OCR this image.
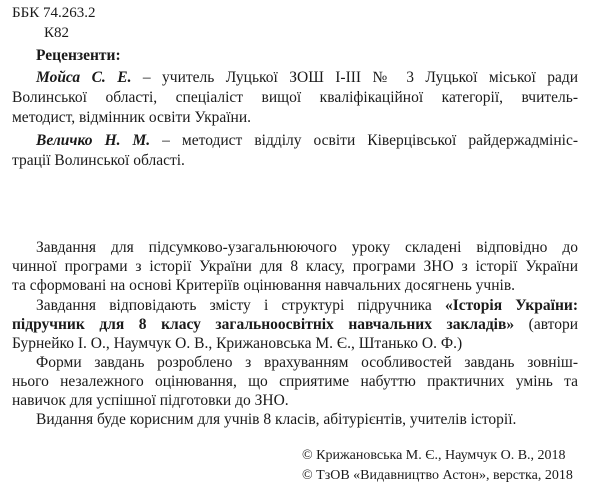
ББК 74.263.2
К82
Рецензенти:
Мойса С. Е. – учитель Луцької ЗОШ І-ІІІ № 3 Луцької міської ради
Волинської області, спеціаліст вищої кваліфікаційної категорії, вчитель-
методист, відмінник освіти України.
Величко Н. М. – методист відділу освіти Ківерцівської райдержадмініс-
трації Волинської області.
Завдання для підсумково-узагальнюючого уроку складені відповідно до
чинної програми з історії України для 8 класу, програми ЗНО з історії України
та сформовані на основі Критеріїв оцінювання навчальних досягнень учнів.
Завдання відповідають змісту і структурі підручника «Історія України:
підручник для 8 класу загальноосвітніх навчальних закладів» (автори
Бурнейко І. О., Наумчук О. В., Крижановська М. Є., Штанько О. Ф.)
Форми завдань розроблено з врахуванням особливостей завдань зовніш-
нього незалежного оцінювання, що сприятиме набуттю практичних умінь та
навичок для успішної підготовки до ЗНО.
Видання буде корисним для учнів 8 класів, абітурієнтів, учителів історії.
© Крижановська М. Є., Наумчук О. В., 2018
© ТзОВ «Видавництво Астон», верстка, 2018
